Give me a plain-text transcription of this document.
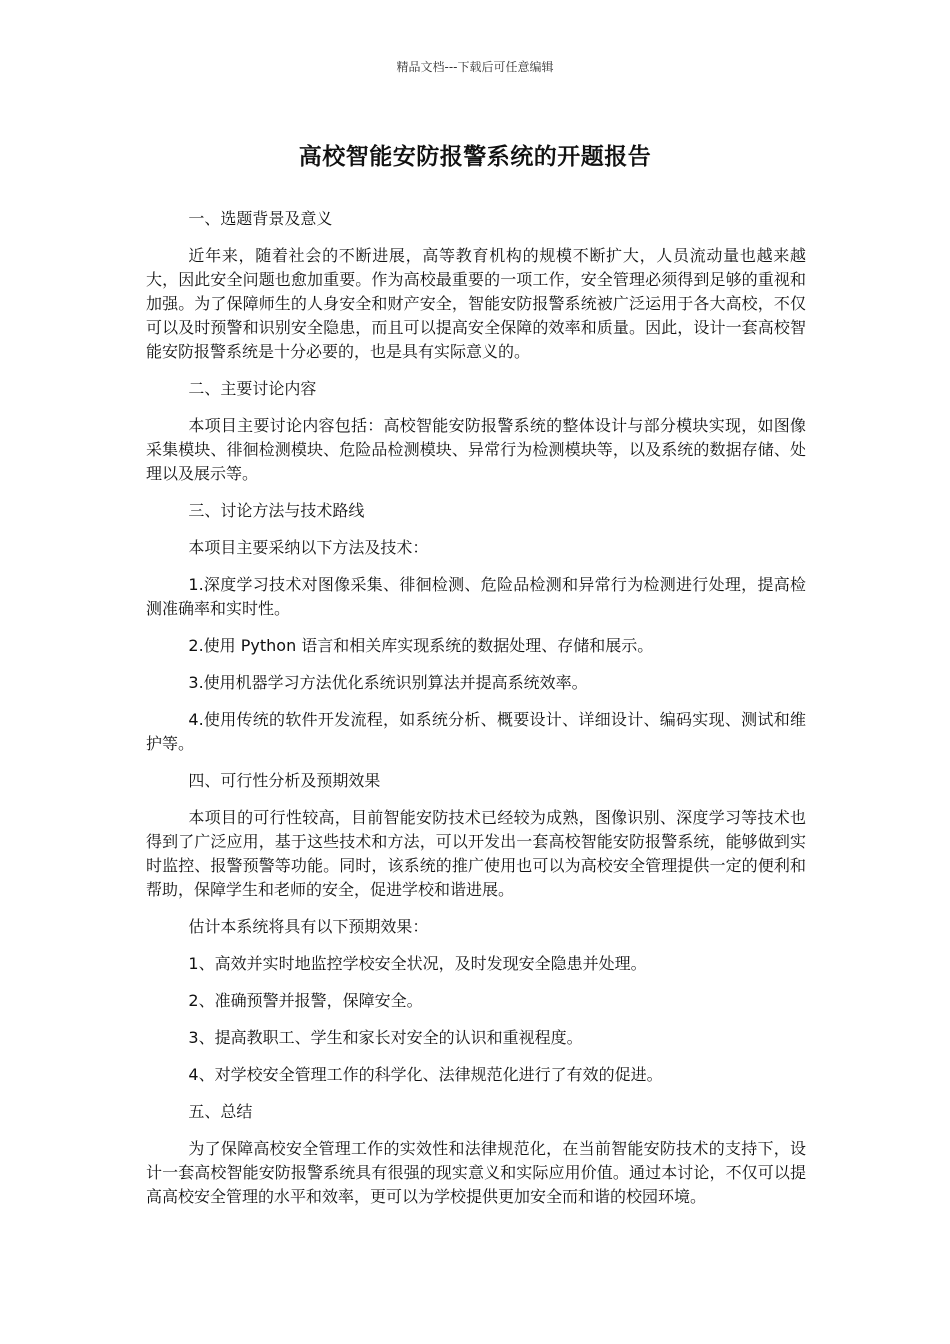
精品文档---下载后可任意编辑
高校智能安防报警系统的开题报告

一、选题背景及意义

近年来，随着社会的不断进展，高等教育机构的规模不断扩大，人员流动量也越来越大，因此安全问题也愈加重要。作为高校最重要的一项工作，安全管理必须得到足够的重视和加强。为了保障师生的人身安全和财产安全，智能安防报警系统被广泛运用于各大高校，不仅可以及时预警和识别安全隐患，而且可以提高安全保障的效率和质量。因此，设计一套高校智能安防报警系统是十分必要的，也是具有实际意义的。

二、主要讨论内容

本项目主要讨论内容包括：高校智能安防报警系统的整体设计与部分模块实现，如图像采集模块、徘徊检测模块、危险品检测模块、异常行为检测模块等，以及系统的数据存储、处理以及展示等。

三、讨论方法与技术路线

本项目主要采纳以下方法及技术：

1.深度学习技术对图像采集、徘徊检测、危险品检测和异常行为检测进行处理，提高检测准确率和实时性。

2.使用 Python 语言和相关库实现系统的数据处理、存储和展示。

3.使用机器学习方法优化系统识别算法并提高系统效率。

4.使用传统的软件开发流程，如系统分析、概要设计、详细设计、编码实现、测试和维护等。

四、可行性分析及预期效果

本项目的可行性较高，目前智能安防技术已经较为成熟，图像识别、深度学习等技术也得到了广泛应用，基于这些技术和方法，可以开发出一套高校智能安防报警系统，能够做到实时监控、报警预警等功能。同时，该系统的推广使用也可以为高校安全管理提供一定的便利和帮助，保障学生和老师的安全，促进学校和谐进展。

估计本系统将具有以下预期效果：

1、高效并实时地监控学校安全状况，及时发现安全隐患并处理。

2、准确预警并报警，保障安全。

3、提高教职工、学生和家长对安全的认识和重视程度。

4、对学校安全管理工作的科学化、法律规范化进行了有效的促进。

五、总结

为了保障高校安全管理工作的实效性和法律规范化，在当前智能安防技术的支持下，设计一套高校智能安防报警系统具有很强的现实意义和实际应用价值。通过本讨论，不仅可以提高高校安全管理的水平和效率，更可以为学校提供更加安全而和谐的校园环境。
